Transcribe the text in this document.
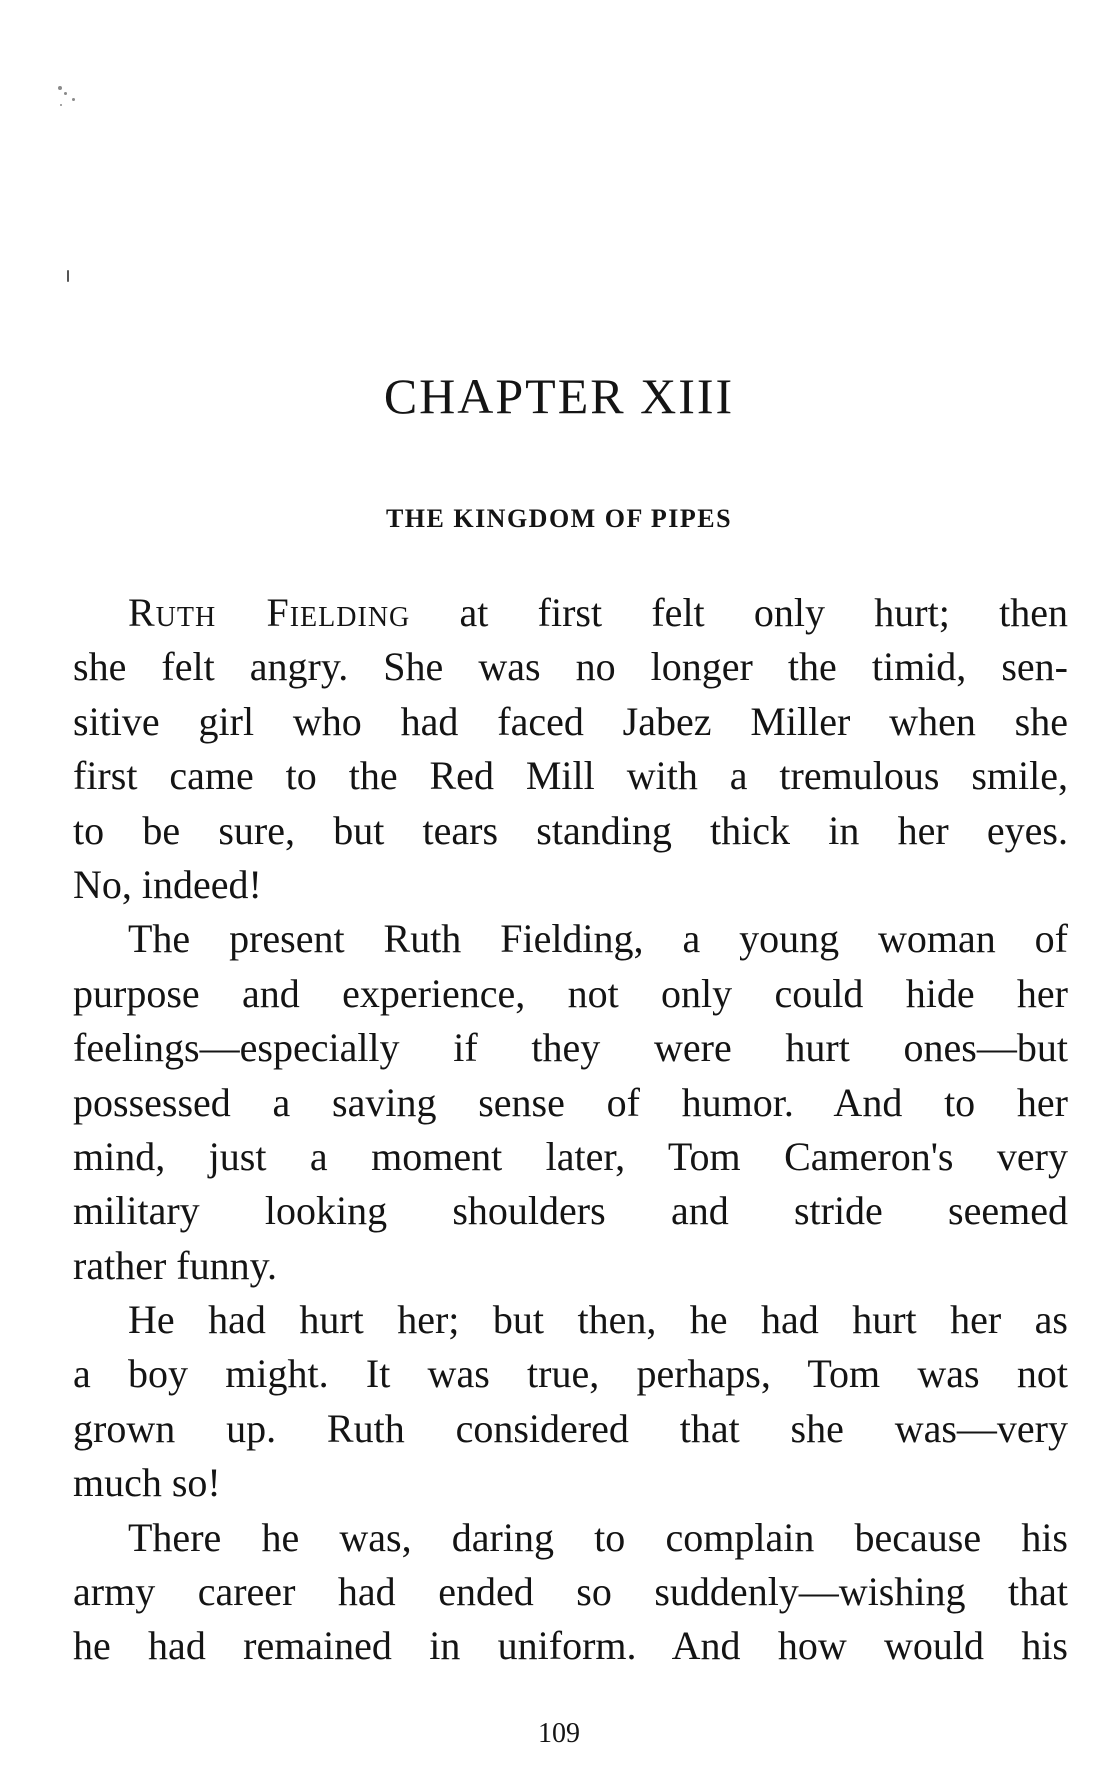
CHAPTER XIII
THE KINGDOM OF PIPES
Ruth Fielding at first felt only hurt; then
she felt angry. She was no longer the timid, sen-
sitive girl who had faced Jabez Miller when she
first came to the Red Mill with a tremulous smile,
to be sure, but tears standing thick in her eyes.
No, indeed!
The present Ruth Fielding, a young woman of
purpose and experience, not only could hide her
feelings—especially if they were hurt ones—but
possessed a saving sense of humor. And to her
mind, just a moment later, Tom Cameron's very
military looking shoulders and stride seemed
rather funny.
He had hurt her; but then, he had hurt her as
a boy might. It was true, perhaps, Tom was not
grown up. Ruth considered that she was—very
much so!
There he was, daring to complain because his
army career had ended so suddenly—wishing that
he had remained in uniform. And how would his
109
